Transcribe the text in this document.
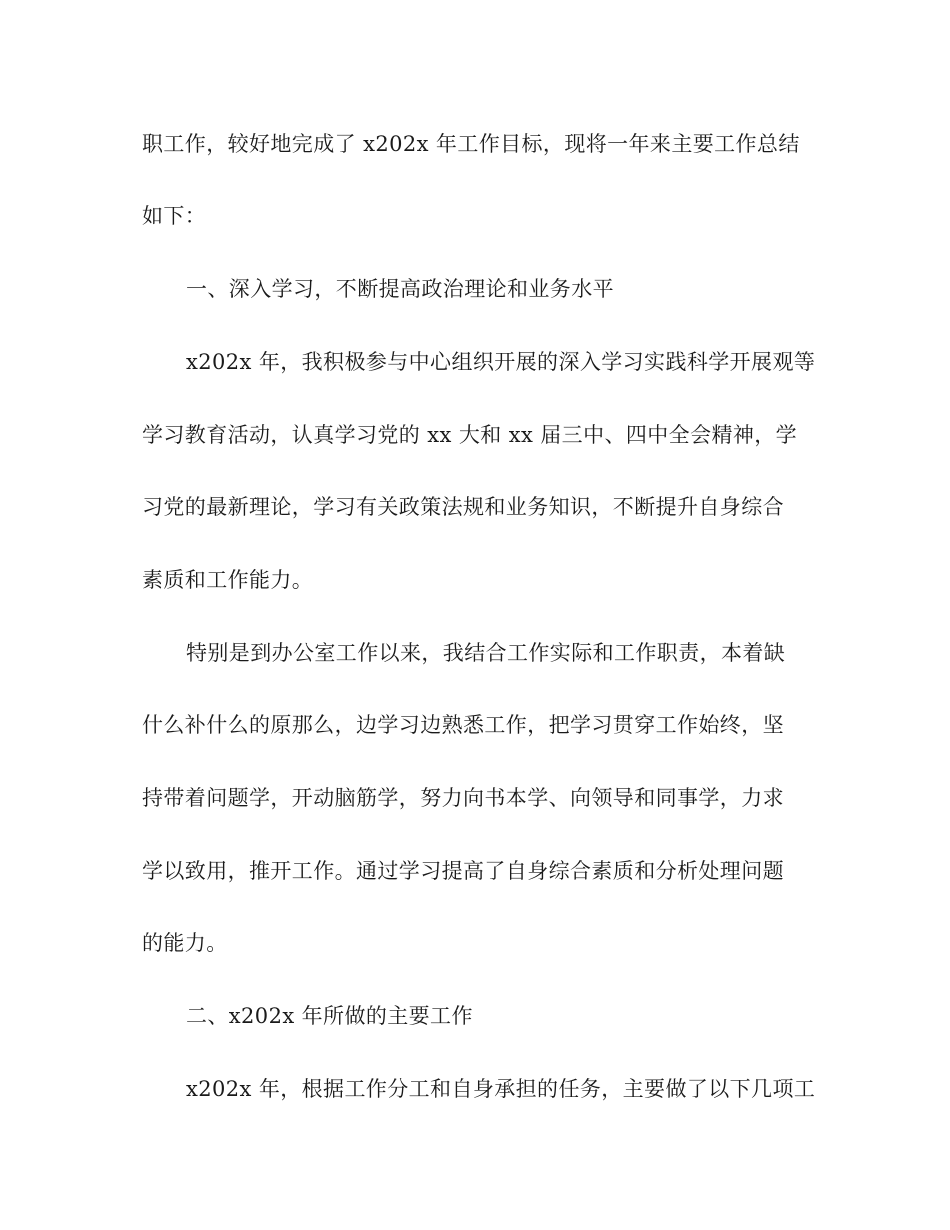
职工作，较好地完成了 x202x 年工作目标，现将一年来主要工作总结
如下：
一、深入学习，不断提高政治理论和业务水平
x202x 年，我积极参与中心组织开展的深入学习实践科学开展观等
学习教育活动，认真学习党的 xx 大和 xx 届三中、四中全会精神，学
习党的最新理论，学习有关政策法规和业务知识，不断提升自身综合
素质和工作能力。
特别是到办公室工作以来，我结合工作实际和工作职责，本着缺
什么补什么的原那么，边学习边熟悉工作，把学习贯穿工作始终，坚
持带着问题学，开动脑筋学，努力向书本学、向领导和同事学，力求
学以致用，推开工作。通过学习提高了自身综合素质和分析处理问题
的能力。
二、x202x 年所做的主要工作
x202x 年，根据工作分工和自身承担的任务，主要做了以下几项工
